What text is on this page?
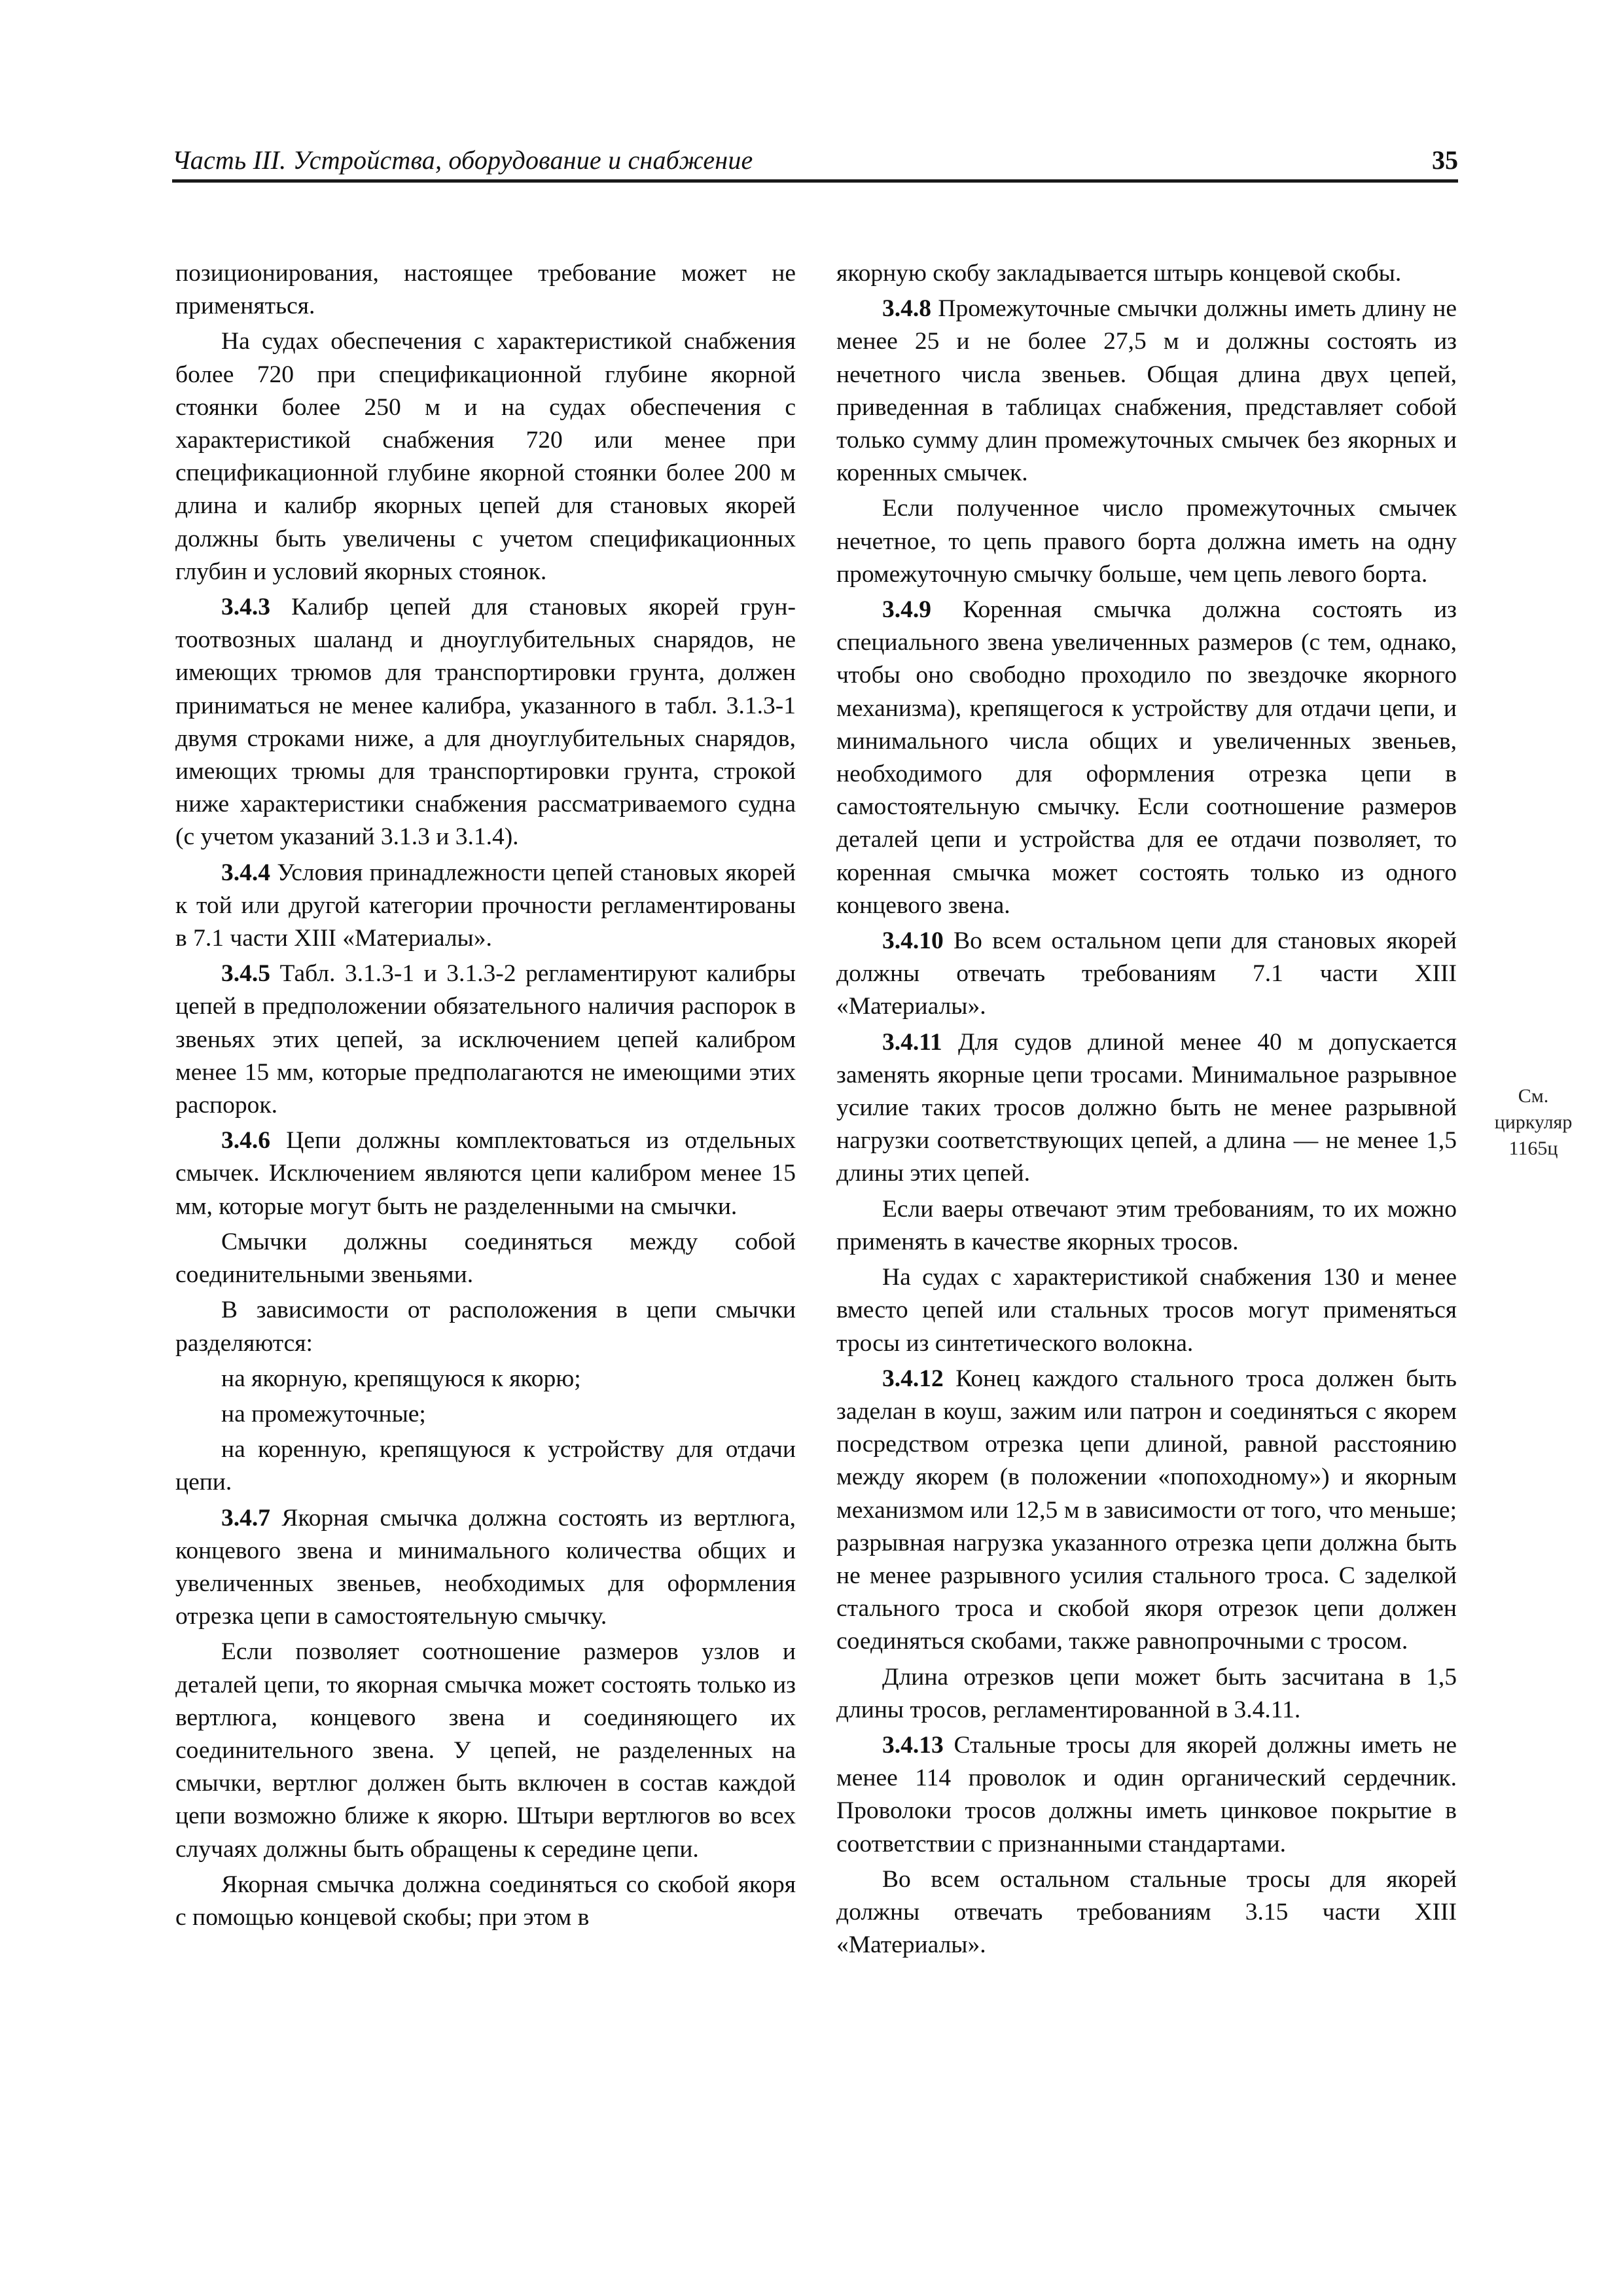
Часть III. Устройства, оборудование и снабжение	35

позиционирования, настоящее требование может не применяться.

На судах обеспечения с характеристикой снабжения более 720 при спецификационной глубине якорной стоянки более 250 м и на судах обеспечения с характеристикой снабжения 720 или менее при спецификационной глубине якорной стоянки более 200 м длина и калибр якорных цепей для становых якорей должны быть увеличены с учетом спецификационных глубин и условий якорных стоянок.

3.4.3 Калибр цепей для становых якорей грунтоотвозных шаланд и дноуглубительных снарядов, не имеющих трюмов для транспортировки грунта, должен приниматься не менее калибра, указанного в табл. 3.1.3-1 двумя строками ниже, а для дноуглубительных снарядов, имеющих трюмы для транспортировки грунта, строкой ниже характеристики снабжения рассматриваемого судна (с учетом указаний 3.1.3 и 3.1.4).

3.4.4 Условия принадлежности цепей становых якорей к той или другой категории прочности регламентированы в 7.1 части XIII «Материалы».

3.4.5 Табл. 3.1.3-1 и 3.1.3-2 регламентируют калибры цепей в предположении обязательного наличия распорок в звеньях этих цепей, за исключением цепей калибром менее 15 мм, которые предполагаются не имеющими этих распорок.

3.4.6 Цепи должны комплектоваться из отдельных смычек. Исключением являются цепи калибром менее 15 мм, которые могут быть не разделенными на смычки.

Смычки должны соединяться между собой соединительными звеньями.

В зависимости от расположения в цепи смычки разделяются:

на якорную, крепящуюся к якорю;

на промежуточные;

на коренную, крепящуюся к устройству для отдачи цепи.

3.4.7 Якорная смычка должна состоять из вертлюга, концевого звена и минимального количества общих и увеличенных звеньев, необходимых для оформления отрезка цепи в самостоятельную смычку.

Если позволяет соотношение размеров узлов и деталей цепи, то якорная смычка может состоять только из вертлюга, концевого звена и соединяющего их соединительного звена. У цепей, не разделенных на смычки, вертлюг должен быть включен в состав каждой цепи возможно ближе к якорю. Штыри вертлюгов во всех случаях должны быть обращены к середине цепи.

Якорная смычка должна соединяться со скобой якоря с помощью концевой скобы; при этом в

якорную скобу закладывается штырь концевой скобы.

3.4.8 Промежуточные смычки должны иметь длину не менее 25 и не более 27,5 м и должны состоять из нечетного числа звеньев. Общая длина двух цепей, приведенная в таблицах снабжения, представляет собой только сумму длин промежуточных смычек без якорных и коренных смычек.

Если полученное число промежуточных смычек нечетное, то цепь правого борта должна иметь на одну промежуточную смычку больше, чем цепь левого борта.

3.4.9 Коренная смычка должна состоять из специального звена увеличенных размеров (с тем, однако, чтобы оно свободно проходило по звездочке якорного механизма), крепящегося к устройству для отдачи цепи, и минимального числа общих и увеличенных звеньев, необходимого для оформления отрезка цепи в самостоятельную смычку. Если соотношение размеров деталей цепи и устройства для ее отдачи позволяет, то коренная смычка может состоять только из одного концевого звена.

3.4.10 Во всем остальном цепи для становых якорей должны отвечать требованиям 7.1 части XIII «Материалы».

3.4.11 Для судов длиной менее 40 м допускается заменять якорные цепи тросами. Минимальное разрывное усилие таких тросов должно быть не менее разрывной нагрузки соответствующих цепей, а длина — не менее 1,5 длины этих цепей.

Если ваеры отвечают этим требованиям, то их можно применять в качестве якорных тросов.

На судах с характеристикой снабжения 130 и менее вместо цепей или стальных тросов могут применяться тросы из синтетического волокна.

3.4.12 Конец каждого стального троса должен быть заделан в коуш, зажим или патрон и соединяться с якорем посредством отрезка цепи длиной, равной расстоянию между якорем (в положении «попоходному») и якорным механизмом или 12,5 м в зависимости от того, что меньше; разрывная нагрузка указанного отрезка цепи должна быть не менее разрывного усилия стального троса. С заделкой стального троса и скобой якоря отрезок цепи должен соединяться скобами, также равнопрочными с тросом.

Длина отрезков цепи может быть засчитана в 1,5 длины тросов, регламентированной в 3.4.11.

3.4.13 Стальные тросы для якорей должны иметь не менее 114 проволок и один органический сердечник. Проволоки тросов должны иметь цинковое покрытие в соответствии с признанными стандартами.

Во всем остальном стальные тросы для якорей должны отвечать требованиям 3.15 части XIII «Материалы».

См.
циркуляр
1165ц
